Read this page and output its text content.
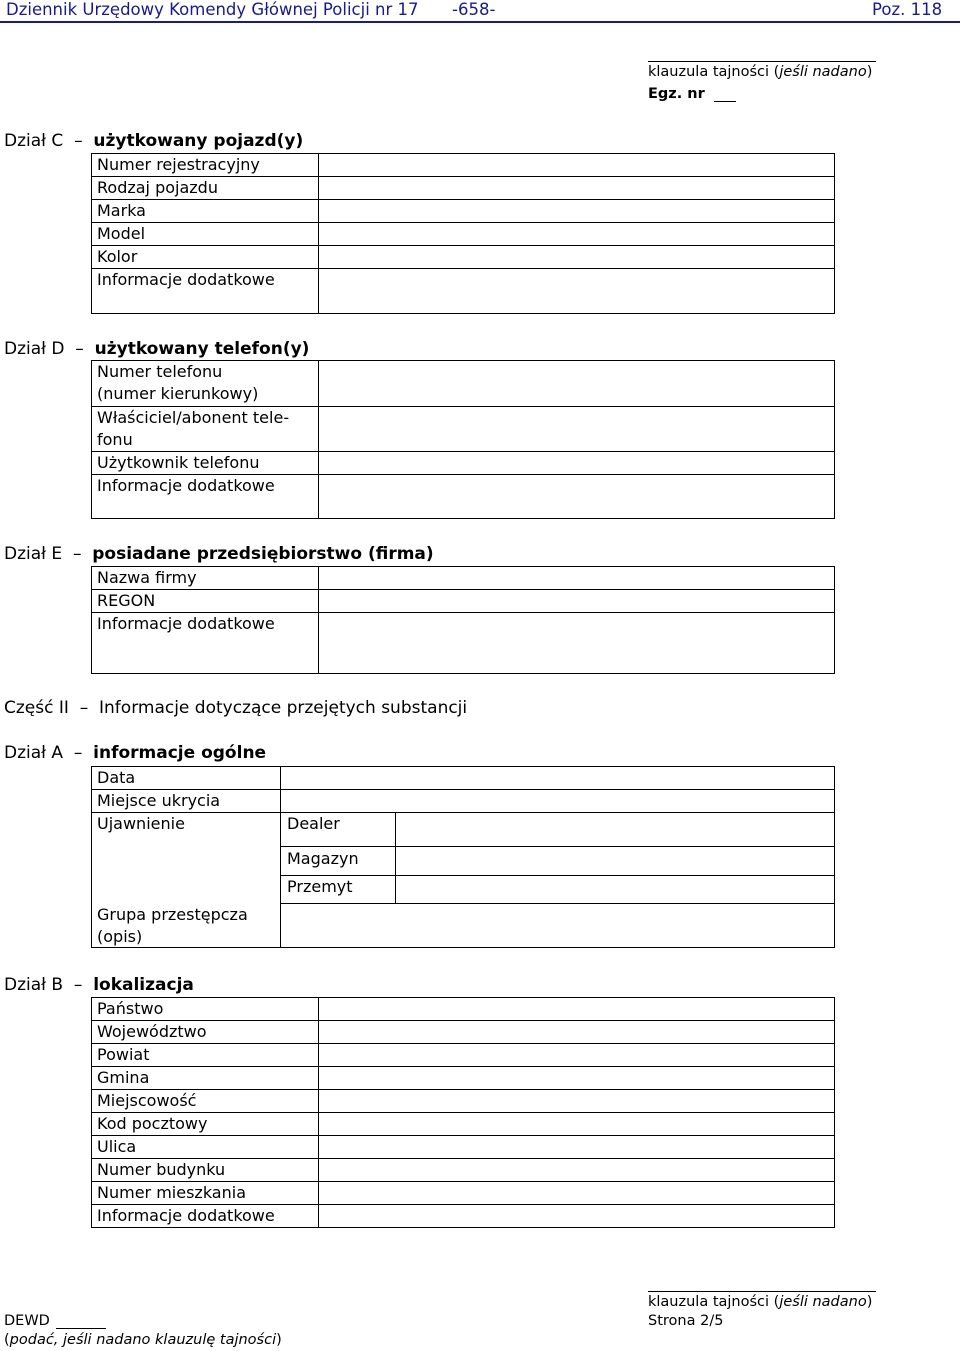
Dziennik Urzędowy Komendy Głównej Policji nr 17 -658-	Poz. 118
klauzula tajności (jeśli nadano)
Egz. nr
Dział C – użytkowany pojazd(y)
Numer rejestracyjny
Rodzaj pojazdu
Marka
Model
Kolor
Informacje dodatkowe
Dział D – użytkowany telefon(y)
Numer telefonu
(numer kierunkowy)
Właściciel/abonent tele-
fonu
Użytkownik telefonu
Informacje dodatkowe
Dział E – posiadane przedsiębiorstwo (firma)
Nazwa firmy
REGON
Informacje dodatkowe
Część II – Informacje dotyczące przejętych substancji
Dział A – informacje ogólne
Data
Miejsce ukrycia
Ujawnienie
Grupa przestępcza
(opis)
Dealer
Magazyn
Przemyt
Dział B – lokalizacja
Państwo
Województwo
Powiat
Gmina
Miejscowość
Kod pocztowy
Ulica
Numer budynku
Numer mieszkania
Informacje dodatkowe
klauzula tajności (jeśli nadano)
DEWD	Strona 2/5
(podać, jeśli nadano klauzulę tajności)
